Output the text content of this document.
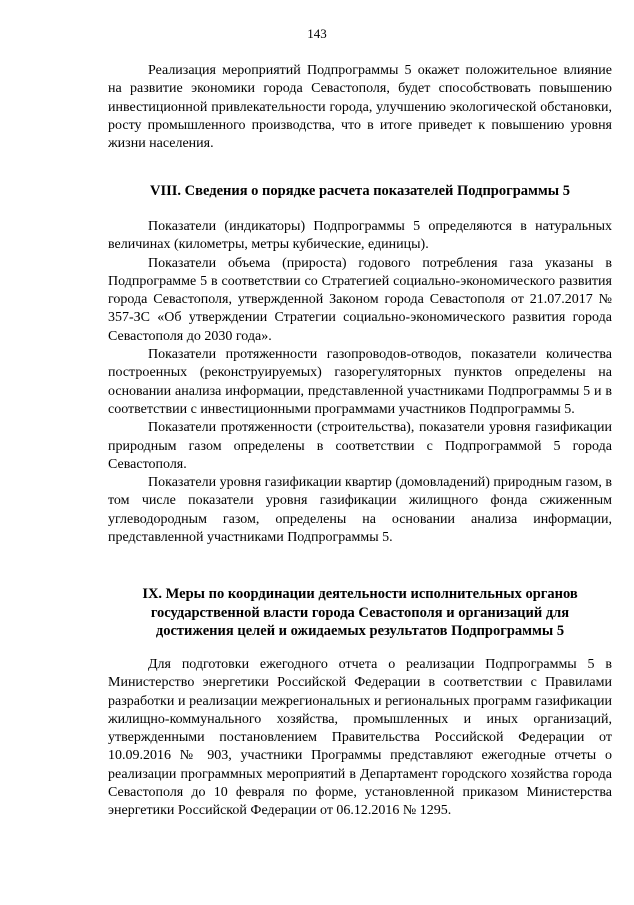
143

Реализация мероприятий Подпрограммы 5 окажет положительное влияние на развитие экономики города Севастополя, будет способствовать повышению инвестиционной привлекательности города, улучшению экологической обстановки, росту промышленного производства, что в итоге приведет к повышению уровня жизни населения.

VIII. Сведения о порядке расчета показателей Подпрограммы 5

Показатели (индикаторы) Подпрограммы 5 определяются в натуральных величинах (километры, метры кубические, единицы).

Показатели объема (прироста) годового потребления газа указаны в Подпрограмме 5 в соответствии со Стратегией социально-экономического развития города Севастополя, утвержденной Законом города Севастополя от 21.07.2017 № 357-ЗС «Об утверждении Стратегии социально-экономического развития города Севастополя до 2030 года».

Показатели протяженности газопроводов-отводов, показатели количества построенных (реконструируемых) газорегуляторных пунктов определены на основании анализа информации, представленной участниками Подпрограммы 5 и в соответствии с инвестиционными программами участников Подпрограммы 5.

Показатели протяженности (строительства), показатели уровня газификации природным газом определены в соответствии с Подпрограммой 5 города Севастополя.

Показатели уровня газификации квартир (домовладений) природным газом, в том числе показатели уровня газификации жилищного фонда сжиженным углеводородным газом, определены на основании анализа информации, представленной участниками Подпрограммы 5.

IX. Меры по координации деятельности исполнительных органов
государственной власти города Севастополя и организаций для
достижения целей и ожидаемых результатов Подпрограммы 5

Для подготовки ежегодного отчета о реализации Подпрограммы 5 в Министерство энергетики Российской Федерации в соответствии с Правилами разработки и реализации межрегиональных и региональных программ газификации жилищно-коммунального хозяйства, промышленных и иных организаций, утвержденными постановлением Правительства Российской Федерации от 10.09.2016 № 903, участники Программы представляют ежегодные отчеты о реализации программных мероприятий в Департамент городского хозяйства города Севастополя до 10 февраля по форме, установленной приказом Министерства энергетики Российской Федерации от 06.12.2016 № 1295.
